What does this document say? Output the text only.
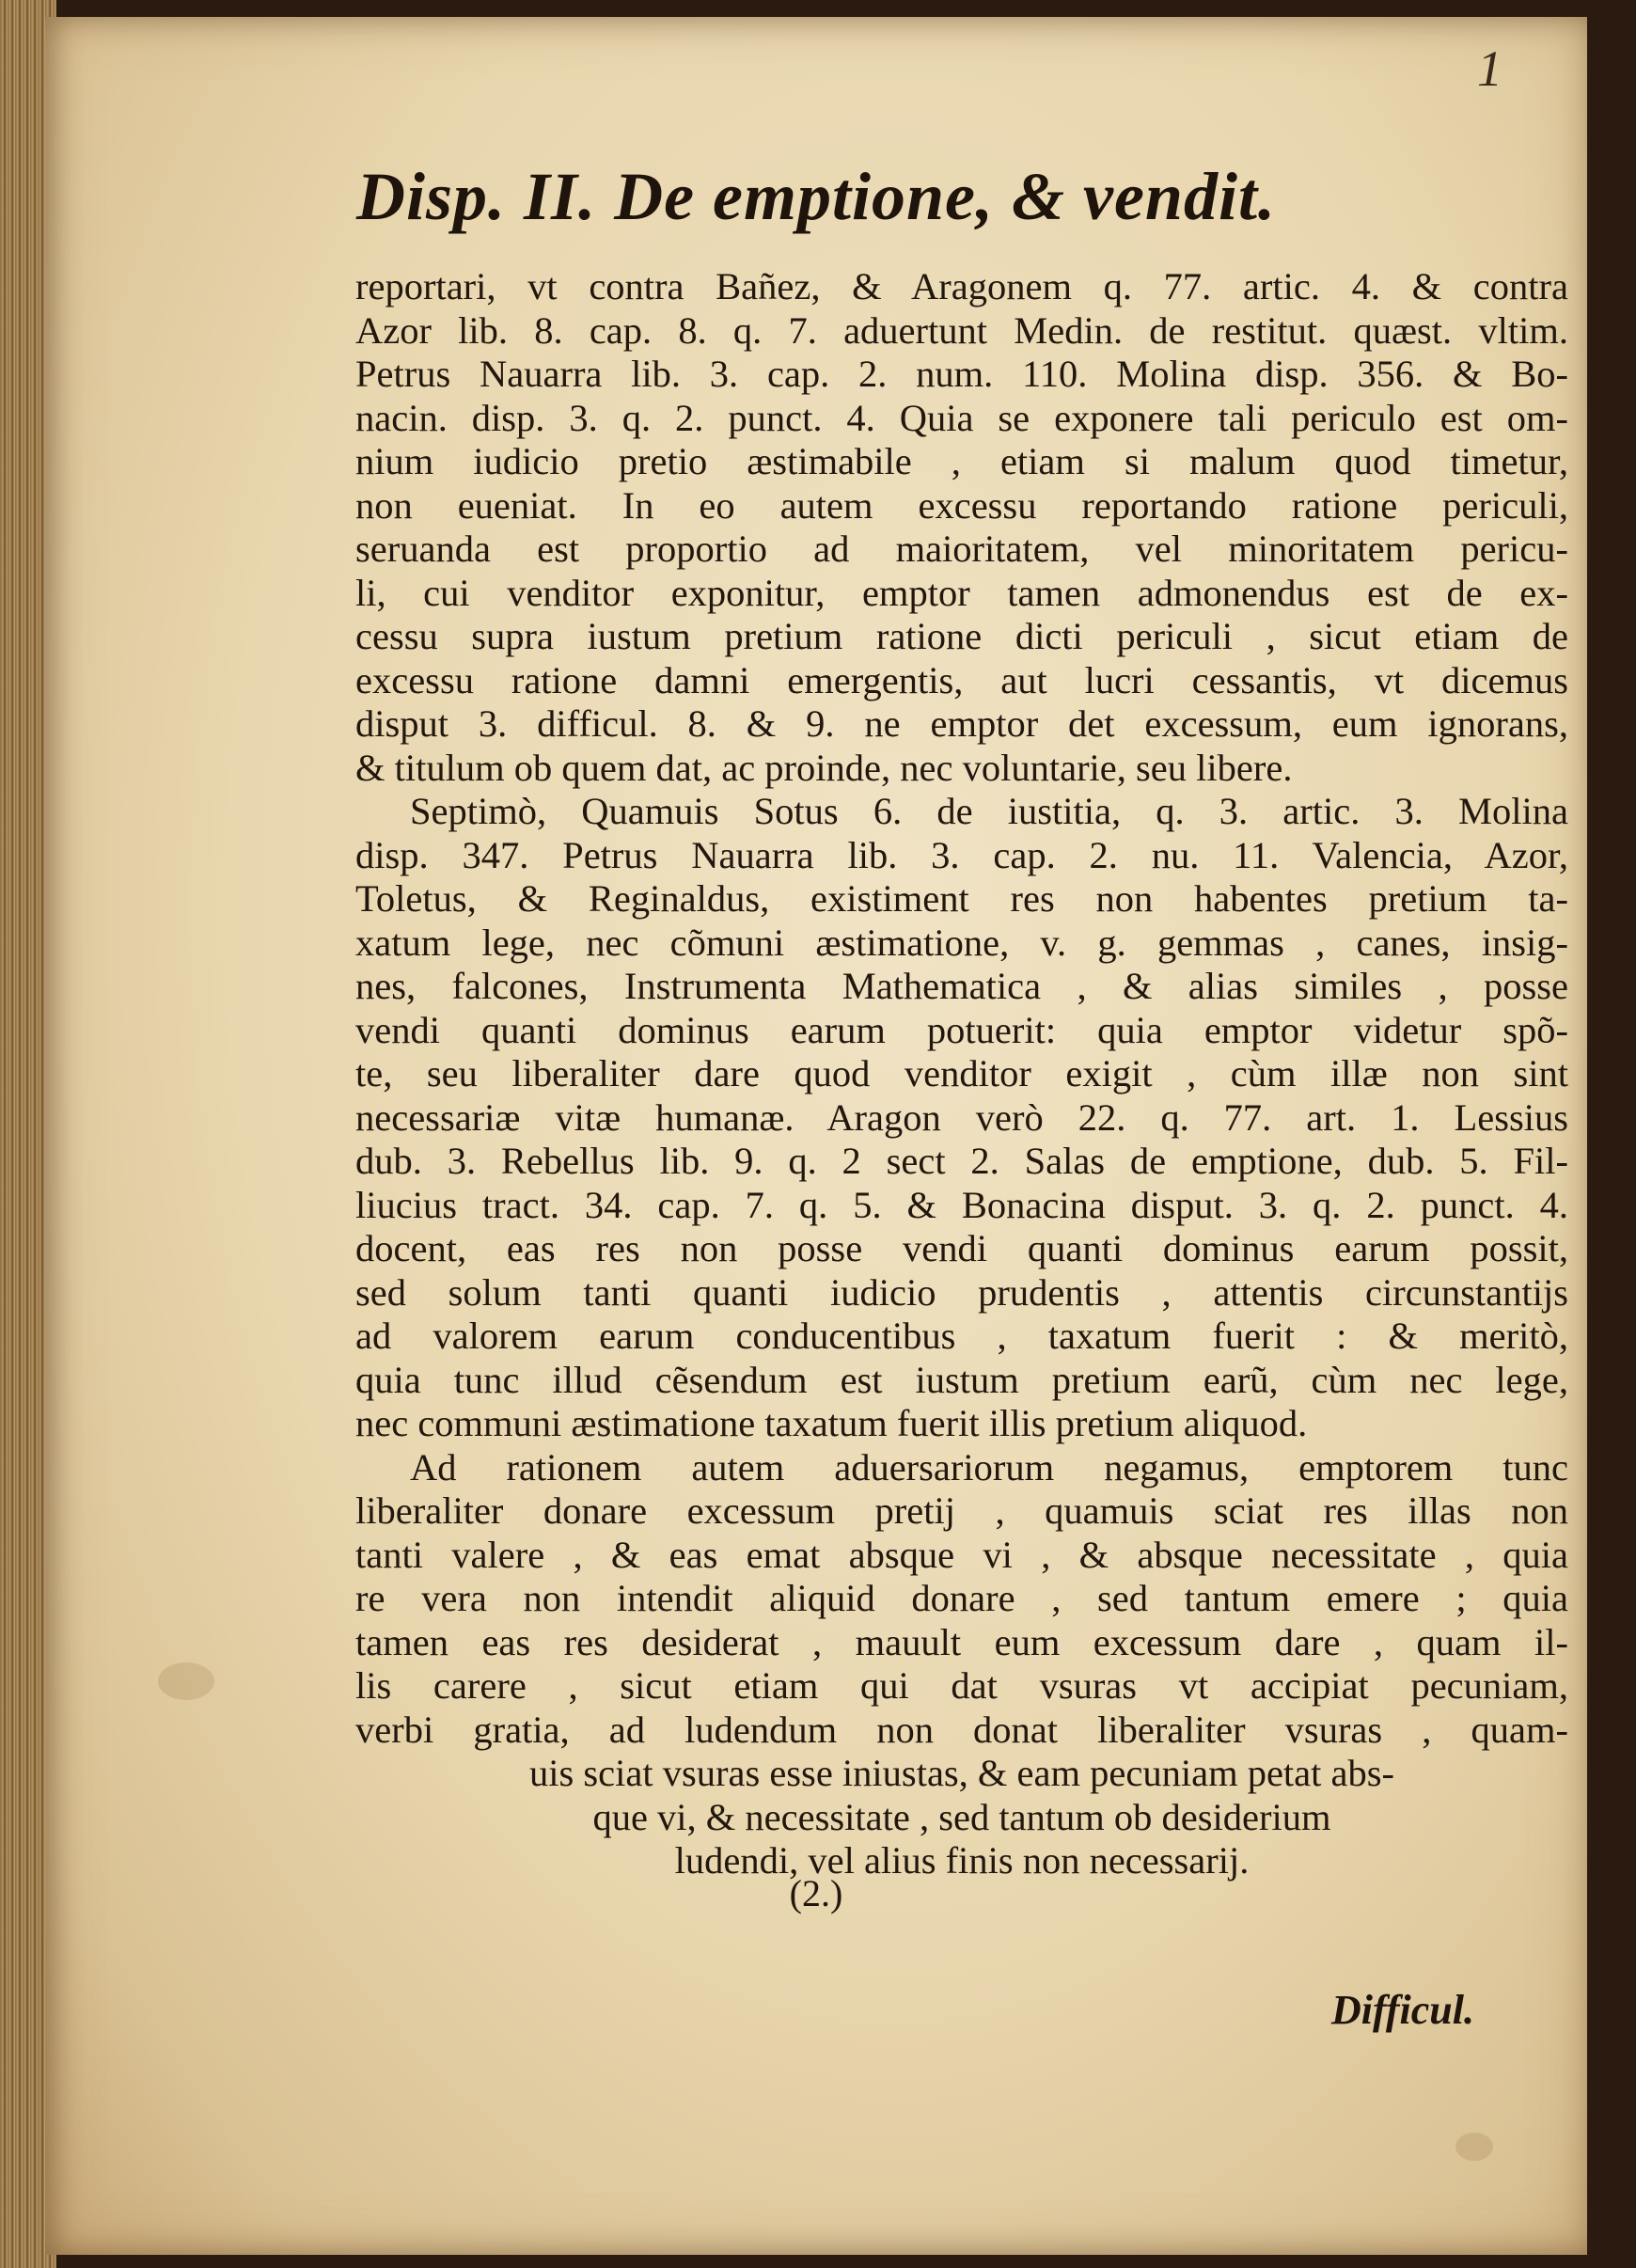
1
Disp. II. De emptione, & vendit.
reportari, vt contra Bañez, & Aragonem q. 77. artic. 4. & contra
Azor lib. 8. cap. 8. q. 7. aduertunt Medin. de restitut. quæst. vltim.
Petrus Nauarra lib. 3. cap. 2. num. 110. Molina disp. 356. & Bo-
nacin. disp. 3. q. 2. punct. 4. Quia se exponere tali periculo est om-
nium iudicio pretio æstimabile , etiam si malum quod timetur,
non eueniat. In eo autem excessu reportando ratione periculi,
seruanda est proportio ad maioritatem, vel minoritatem pericu-
li, cui venditor exponitur, emptor tamen admonendus est de ex-
cessu supra iustum pretium ratione dicti periculi , sicut etiam de
excessu ratione damni emergentis, aut lucri cessantis, vt dicemus
disput 3. difficul. 8. & 9. ne emptor det excessum, eum ignorans,
& titulum ob quem dat, ac proinde, nec voluntarie, seu libere.
Septimò, Quamuis Sotus 6. de iustitia, q. 3. artic. 3. Molina
disp. 347. Petrus Nauarra lib. 3. cap. 2. nu. 11. Valencia, Azor,
Toletus, & Reginaldus, existiment res non habentes pretium ta-
xatum lege, nec cõmuni æstimatione, v. g. gemmas , canes, insig-
nes, falcones, Instrumenta Mathematica , & alias similes , posse
vendi quanti dominus earum potuerit: quia emptor videtur spõ-
te, seu liberaliter dare quod venditor exigit , cùm illæ non sint
necessariæ vitæ humanæ. Aragon verò 22. q. 77. art. 1. Lessius
dub. 3. Rebellus lib. 9. q. 2 sect 2. Salas de emptione, dub. 5. Fil-
liucius tract. 34. cap. 7. q. 5. & Bonacina disput. 3. q. 2. punct. 4.
docent, eas res non posse vendi quanti dominus earum possit,
sed solum tanti quanti iudicio prudentis , attentis circunstantijs
ad valorem earum conducentibus , taxatum fuerit : & meritò,
quia tunc illud cẽsendum est iustum pretium earũ, cùm nec lege,
nec communi æstimatione taxatum fuerit illis pretium aliquod.
Ad rationem autem aduersariorum negamus, emptorem tunc
liberaliter donare excessum pretij , quamuis sciat res illas non
tanti valere , & eas emat absque vi , & absque necessitate , quia
re vera non intendit aliquid donare , sed tantum emere ; quia
tamen eas res desiderat , mauult eum excessum dare , quam il-
lis carere , sicut etiam qui dat vsuras vt accipiat pecuniam,
verbi gratia, ad ludendum non donat liberaliter vsuras , quam-
uis sciat vsuras esse iniustas, & eam pecuniam petat abs-
que vi, & necessitate , sed tantum ob desiderium
ludendi, vel alius finis non necessarij.
(2.)
Difficul.
